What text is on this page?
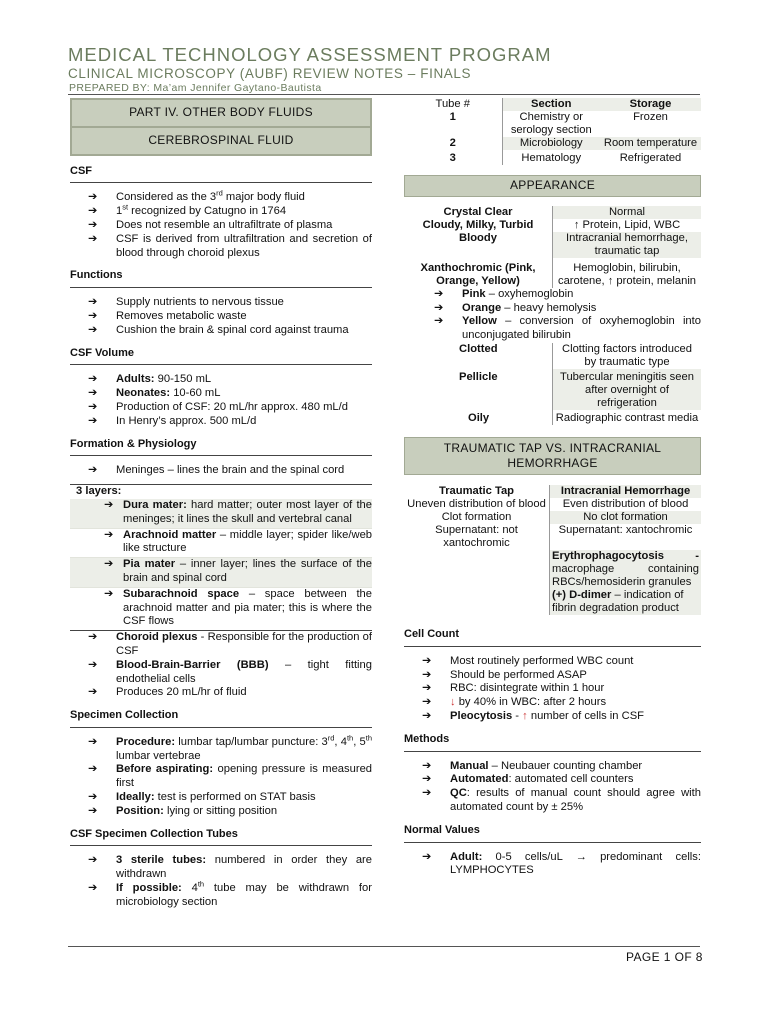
MEDICAL TECHNOLOGY ASSESSMENT PROGRAM
CLINICAL MICROSCOPY (AUBF) REVIEW NOTES – FINALS
PREPARED BY: Ma’am Jennifer Gaytano-Bautista
PART IV. OTHER BODY FLUIDS
CEREBROSPINAL FLUID
CSF
➔ Considered as the 3rd major body fluid
➔ 1st recognized by Catugno in 1764
➔ Does not resemble an ultrafiltrate of plasma
➔ CSF is derived from ultrafiltration and secretion of blood through choroid plexus
Functions
➔ Supply nutrients to nervous tissue
➔ Removes metabolic waste
➔ Cushion the brain & spinal cord against trauma
CSF Volume
➔ Adults: 90-150 mL
➔ Neonates: 10-60 mL
➔ Production of CSF: 20 mL/hr approx. 480 mL/d
➔ In Henry’s approx. 500 mL/d
Formation & Physiology
➔ Meninges – lines the brain and the spinal cord
3 layers:
➔ Dura mater: hard matter; outer most layer of the meninges; it lines the skull and vertebral canal
➔ Arachnoid matter – middle layer; spider like/web like structure
➔ Pia mater – inner layer; lines the surface of the brain and spinal cord
➔ Subarachnoid space – space between the arachnoid matter and pia mater; this is where the CSF flows
➔ Choroid plexus - Responsible for the production of CSF
➔ Blood-Brain-Barrier (BBB) – tight fitting endothelial cells
➔ Produces 20 mL/hr of fluid
Specimen Collection
➔ Procedure: lumbar tap/lumbar puncture: 3rd, 4th, 5th lumbar vertebrae
➔ Before aspirating: opening pressure is measured first
➔ Ideally: test is performed on STAT basis
➔ Position: lying or sitting position
CSF Specimen Collection Tubes
➔ 3 sterile tubes: numbered in order they are withdrawn
➔ If possible: 4th tube may be withdrawn for microbiology section
Tube #	Section	Storage
1	Chemistry or serology section	Frozen
2	Microbiology	Room temperature
3	Hematology	Refrigerated
APPEARANCE
Crystal Clear	Normal
Cloudy, Milky, Turbid	↑ Protein, Lipid, WBC
Bloody	Intracranial hemorrhage, traumatic tap
Xanthochromic (Pink, Orange, Yellow)	Hemoglobin, bilirubin, carotene, ↑ protein, melanin
➔ Pink – oxyhemoglobin
➔ Orange – heavy hemolysis
➔ Yellow – conversion of oxyhemoglobin into unconjugated bilirubin
Clotted	Clotting factors introduced by traumatic type
Pellicle	Tubercular meningitis seen after overnight of refrigeration
Oily	Radiographic contrast media
TRAUMATIC TAP VS. INTRACRANIAL HEMORRHAGE
Traumatic Tap	Intracranial Hemorrhage
Uneven distribution of blood	Even distribution of blood
Clot formation	No clot formation
Supernatant: not xantochromic	Supernatant: xantochromic
	Erythrophagocytosis - macrophage containing RBCs/hemosiderin granules
	(+) D-dimer – indication of fibrin degradation product
Cell Count
➔ Most routinely performed WBC count
➔ Should be performed ASAP
➔ RBC: disintegrate within 1 hour
➔ ↓ by 40% in WBC: after 2 hours
➔ Pleocytosis - ↑ number of cells in CSF
Methods
➔ Manual – Neubauer counting chamber
➔ Automated: automated cell counters
➔ QC: results of manual count should agree with automated count by ± 25%
Normal Values
➔ Adult: 0-5 cells/uL → predominant cells: LYMPHOCYTES
PAGE 1 OF 8
